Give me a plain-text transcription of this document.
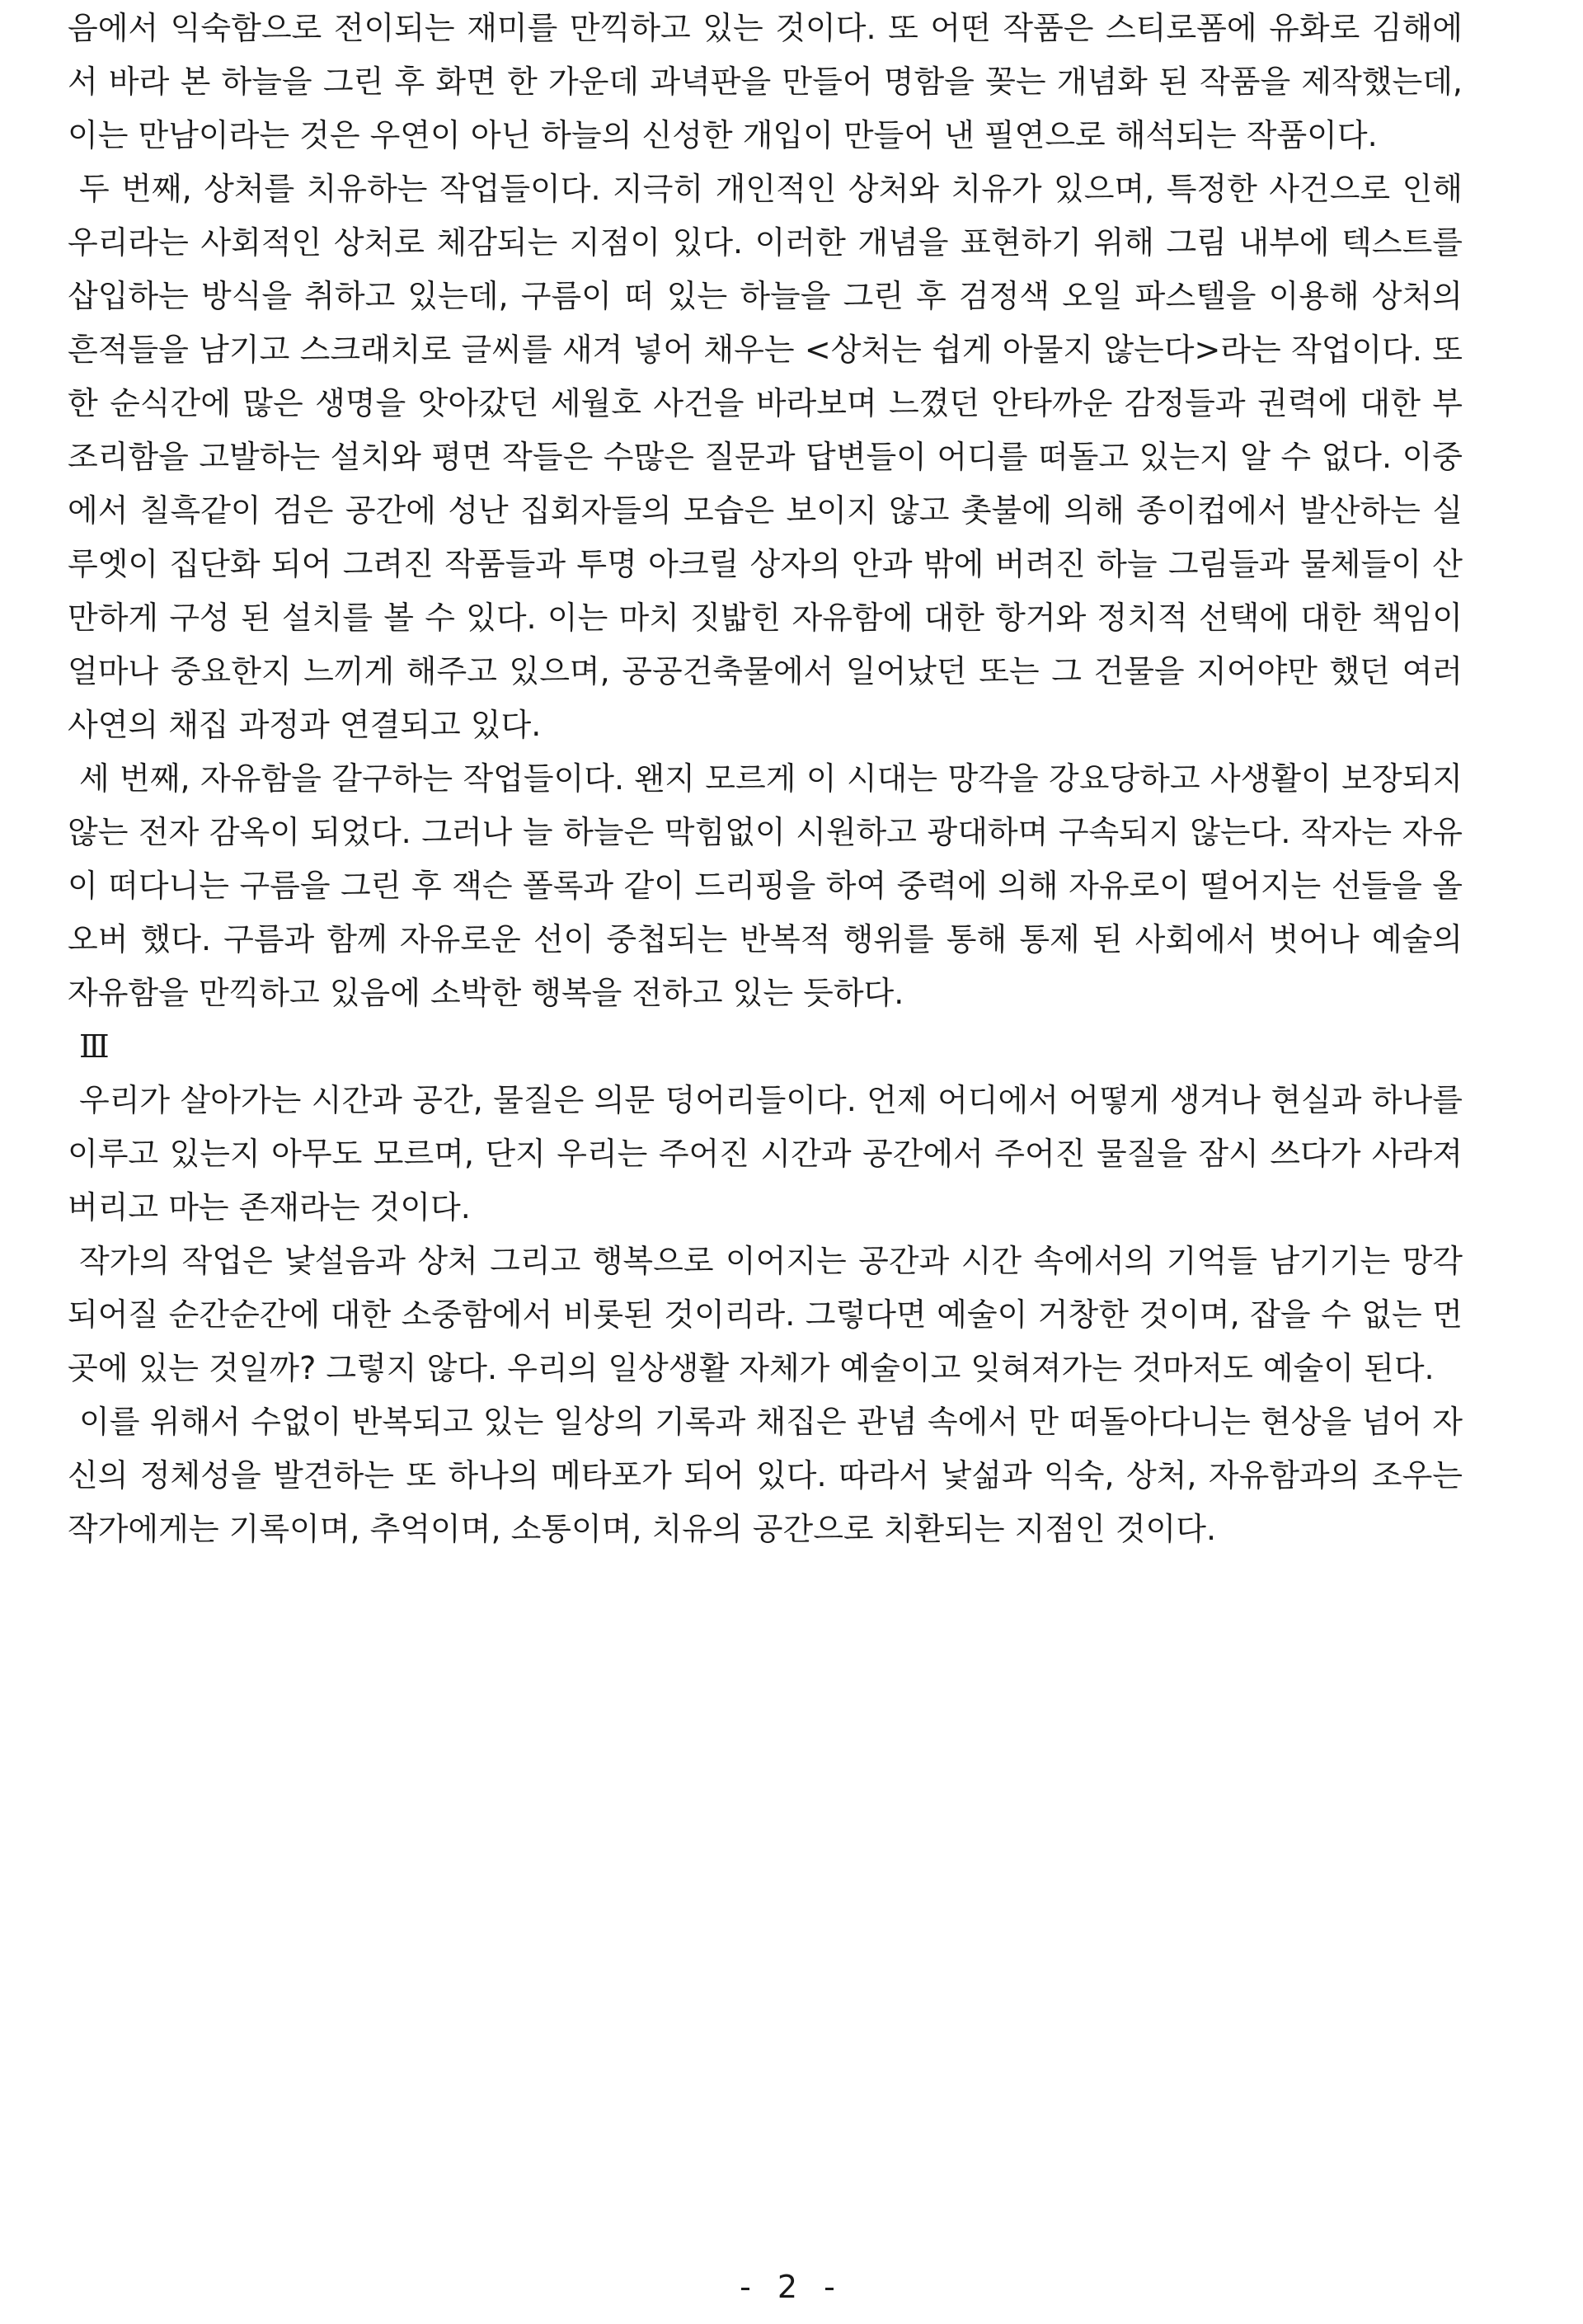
음에서 익숙함으로 전이되는 재미를 만끽하고 있는 것이다. 또 어떤 작품은 스티로폼에 유화로 김해에서 바라 본 하늘을 그린 후 화면 한 가운데 과녁판을 만들어 명함을 꽂는 개념화 된 작품을 제작했는데, 이는 만남이라는 것은 우연이 아닌 하늘의 신성한 개입이 만들어 낸 필연으로 해석되는 작품이다.

두 번째, 상처를 치유하는 작업들이다. 지극히 개인적인 상처와 치유가 있으며, 특정한 사건으로 인해 우리라는 사회적인 상처로 체감되는 지점이 있다. 이러한 개념을 표현하기 위해 그림 내부에 텍스트를 삽입하는 방식을 취하고 있는데, 구름이 떠 있는 하늘을 그린 후 검정색 오일 파스텔을 이용해 상처의 흔적들을 남기고 스크래치로 글씨를 새겨 넣어 채우는 <상처는 쉽게 아물지 않는다>라는 작업이다. 또한 순식간에 많은 생명을 앗아갔던 세월호 사건을 바라보며 느꼈던 안타까운 감정들과 권력에 대한 부조리함을 고발하는 설치와 평면 작들은 수많은 질문과 답변들이 어디를 떠돌고 있는지 알 수 없다. 이중에서 칠흑같이 검은 공간에 성난 집회자들의 모습은 보이지 않고 촛불에 의해 종이컵에서 발산하는 실루엣이 집단화 되어 그려진 작품들과 투명 아크릴 상자의 안과 밖에 버려진 하늘 그림들과 물체들이 산만하게 구성 된 설치를 볼 수 있다. 이는 마치 짓밟힌 자유함에 대한 항거와 정치적 선택에 대한 책임이 얼마나 중요한지 느끼게 해주고 있으며, 공공건축물에서 일어났던 또는 그 건물을 지어야만 했던 여러 사연의 채집 과정과 연결되고 있다.

세 번째, 자유함을 갈구하는 작업들이다. 왠지 모르게 이 시대는 망각을 강요당하고 사생활이 보장되지 않는 전자 감옥이 되었다. 그러나 늘 하늘은 막힘없이 시원하고 광대하며 구속되지 않는다. 작자는 자유이 떠다니는 구름을 그린 후 잭슨 폴록과 같이 드리핑을 하여 중력에 의해 자유로이 떨어지는 선들을 올 오버 했다. 구름과 함께 자유로운 선이 중첩되는 반복적 행위를 통해 통제 된 사회에서 벗어나 예술의 자유함을 만끽하고 있음에 소박한 행복을 전하고 있는 듯하다.

Ⅲ

우리가 살아가는 시간과 공간, 물질은 의문 덩어리들이다. 언제 어디에서 어떻게 생겨나 현실과 하나를 이루고 있는지 아무도 모르며, 단지 우리는 주어진 시간과 공간에서 주어진 물질을 잠시 쓰다가 사라져 버리고 마는 존재라는 것이다.

작가의 작업은 낯설음과 상처 그리고 행복으로 이어지는 공간과 시간 속에서의 기억들 남기기는 망각되어질 순간순간에 대한 소중함에서 비롯된 것이리라. 그렇다면 예술이 거창한 것이며, 잡을 수 없는 먼 곳에 있는 것일까? 그렇지 않다. 우리의 일상생활 자체가 예술이고 잊혀져가는 것마저도 예술이 된다.

이를 위해서 수없이 반복되고 있는 일상의 기록과 채집은 관념 속에서 만 떠돌아다니는 현상을 넘어 자신의 정체성을 발견하는 또 하나의 메타포가 되어 있다. 따라서 낯섦과 익숙, 상처, 자유함과의 조우는 작가에게는 기록이며, 추억이며, 소통이며, 치유의 공간으로 치환되는 지점인 것이다.

- 2 -
